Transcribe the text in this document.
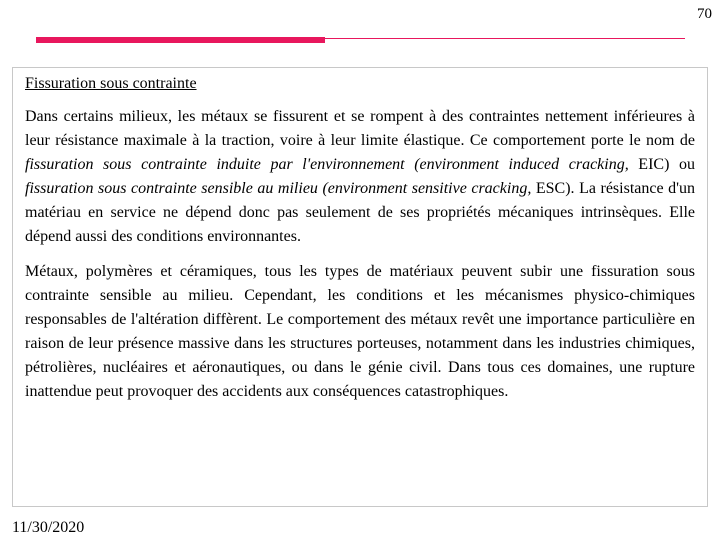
70
Fissuration sous contrainte

Dans certains milieux, les métaux se fissurent et se rompent à des contraintes nettement inférieures à leur résistance maximale à la traction, voire à leur limite élastique. Ce comportement porte le nom de fissuration sous contrainte induite par l'environnement (environment induced cracking, EIC) ou fissuration sous contrainte sensible au milieu (environment sensitive cracking, ESC). La résistance d'un matériau en service ne dépend donc pas seulement de ses propriétés mécaniques intrinsèques. Elle dépend aussi des conditions environnantes.

Métaux, polymères et céramiques, tous les types de matériaux peuvent subir une fissuration sous contrainte sensible au milieu. Cependant, les conditions et les mécanismes physico-chimiques responsables de l'altération diffèrent. Le comportement des métaux revêt une importance particulière en raison de leur présence massive dans les structures porteuses, notamment dans les industries chimiques, pétrolières, nucléaires et aéronautiques, ou dans le génie civil. Dans tous ces domaines, une rupture inattendue peut provoquer des accidents aux conséquences catastrophiques.

11/30/2020
